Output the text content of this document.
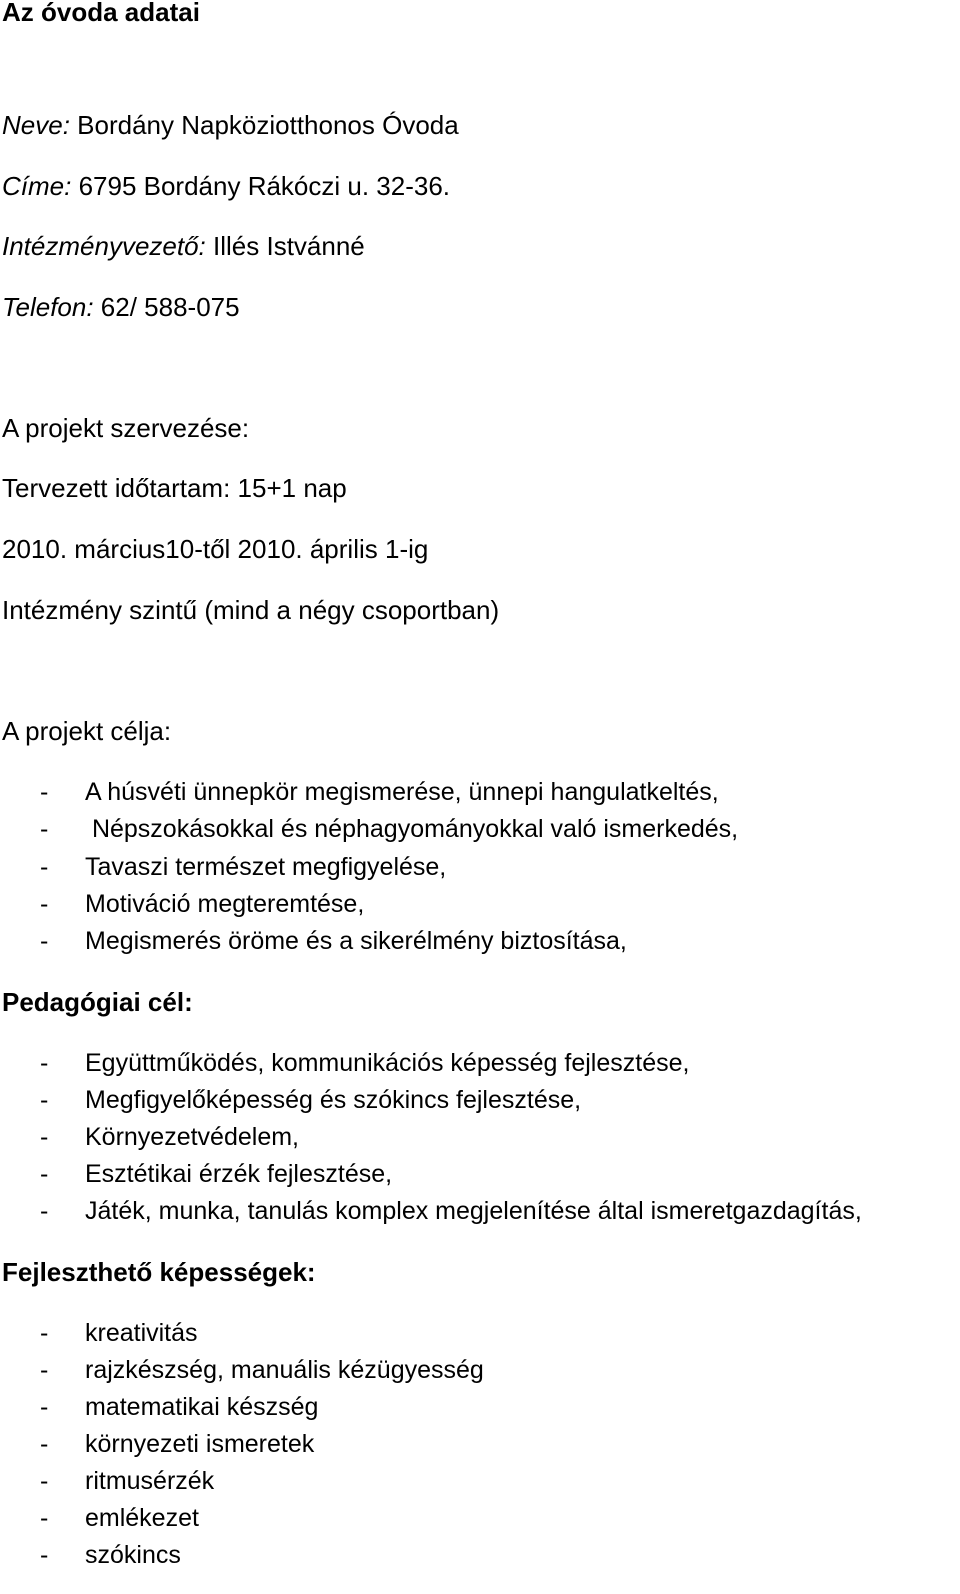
Az óvoda adatai
Neve: Bordány Napköziotthonos Óvoda
Címe: 6795 Bordány Rákóczi u. 32-36.
Intézményvezető: Illés Istvánné
Telefon: 62/ 588-075
A projekt szervezése:
Tervezett időtartam: 15+1 nap
2010. március10-től 2010. április 1-ig
Intézmény szintű (mind a négy csoportban)
A projekt célja:
- A húsvéti ünnepkör megismerése, ünnepi hangulatkeltés,
- Népszokásokkal és néphagyományokkal való ismerkedés,
- Tavaszi természet megfigyelése,
- Motiváció megteremtése,
- Megismerés öröme és a sikerélmény biztosítása,
Pedagógiai cél:
- Együttműködés, kommunikációs képesség fejlesztése,
- Megfigyelőképesség és szókincs fejlesztése,
- Környezetvédelem,
- Esztétikai érzék fejlesztése,
- Játék, munka, tanulás komplex megjelenítése által ismeretgazdagítás,
Fejleszthető képességek:
- kreativitás
- rajzkészség, manuális kézügyesség
- matematikai készség
- környezeti ismeretek
- ritmusérzék
- emlékezet
- szókincs
